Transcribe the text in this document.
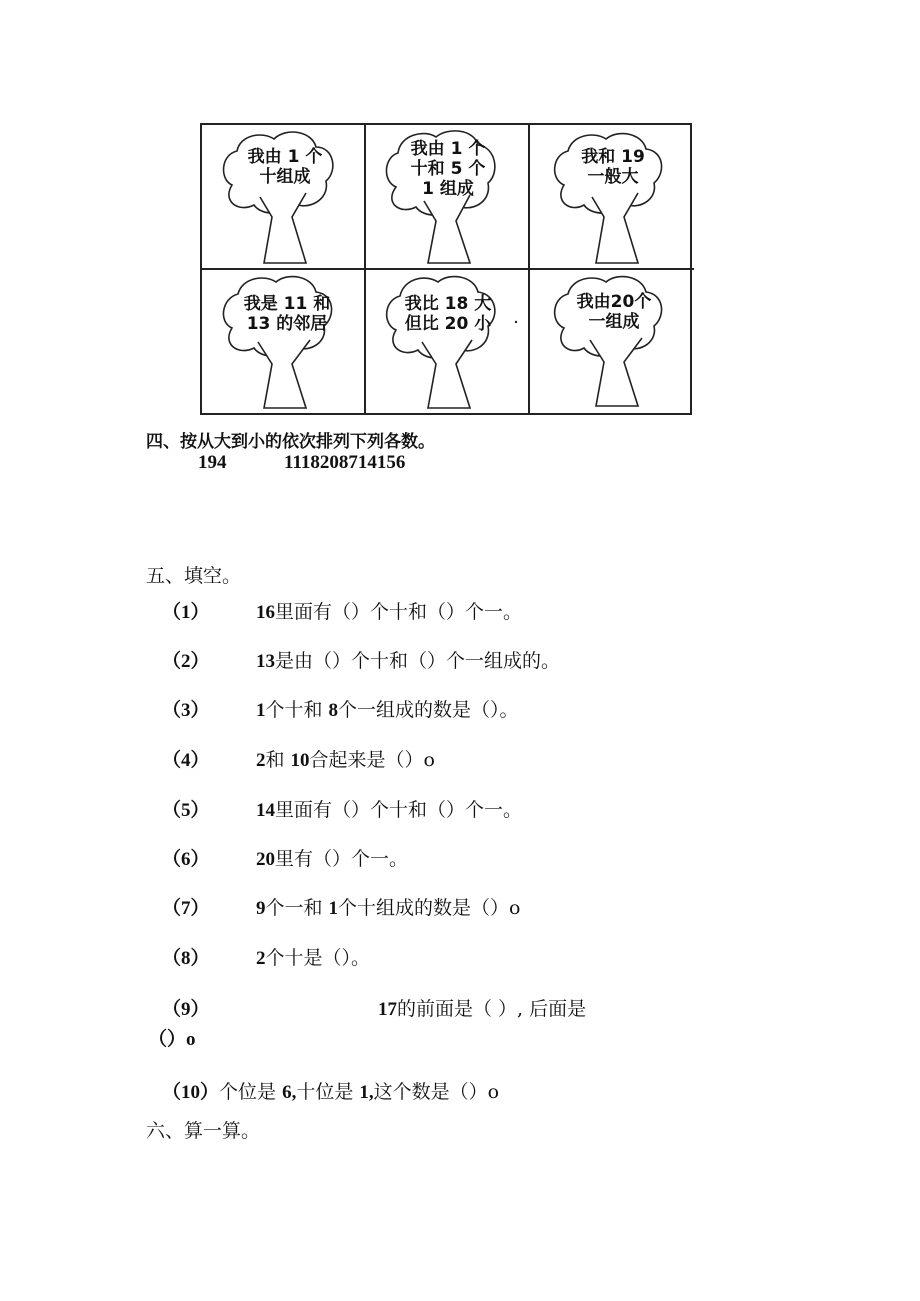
我由 1 个
十组成
我由 1 个
十和 5 个
1 组成
我和 19
一般大
我是 11 和
13 的邻居
我比 18 大
但比 20 小
我由20个
一组成
四、按从大到小的依次排列下列各数。
194	1118208714156
五、填空。
（1） 16里面有（）个十和（）个一。
（2） 13是由（）个十和（）个一组成的。
（3） 1个十和 8个一组成的数是（）。
（4） 2和 10合起来是（）o
（5） 14里面有（）个十和（）个一。
（6） 20里有（）个一。
（7） 9个一和 1个十组成的数是（）o
（8） 2个十是（）。
（9）	17的前面是（ ）, 后面是
（）o
（10）个位是 6,十位是 1,这个数是（）o
六、算一算。
